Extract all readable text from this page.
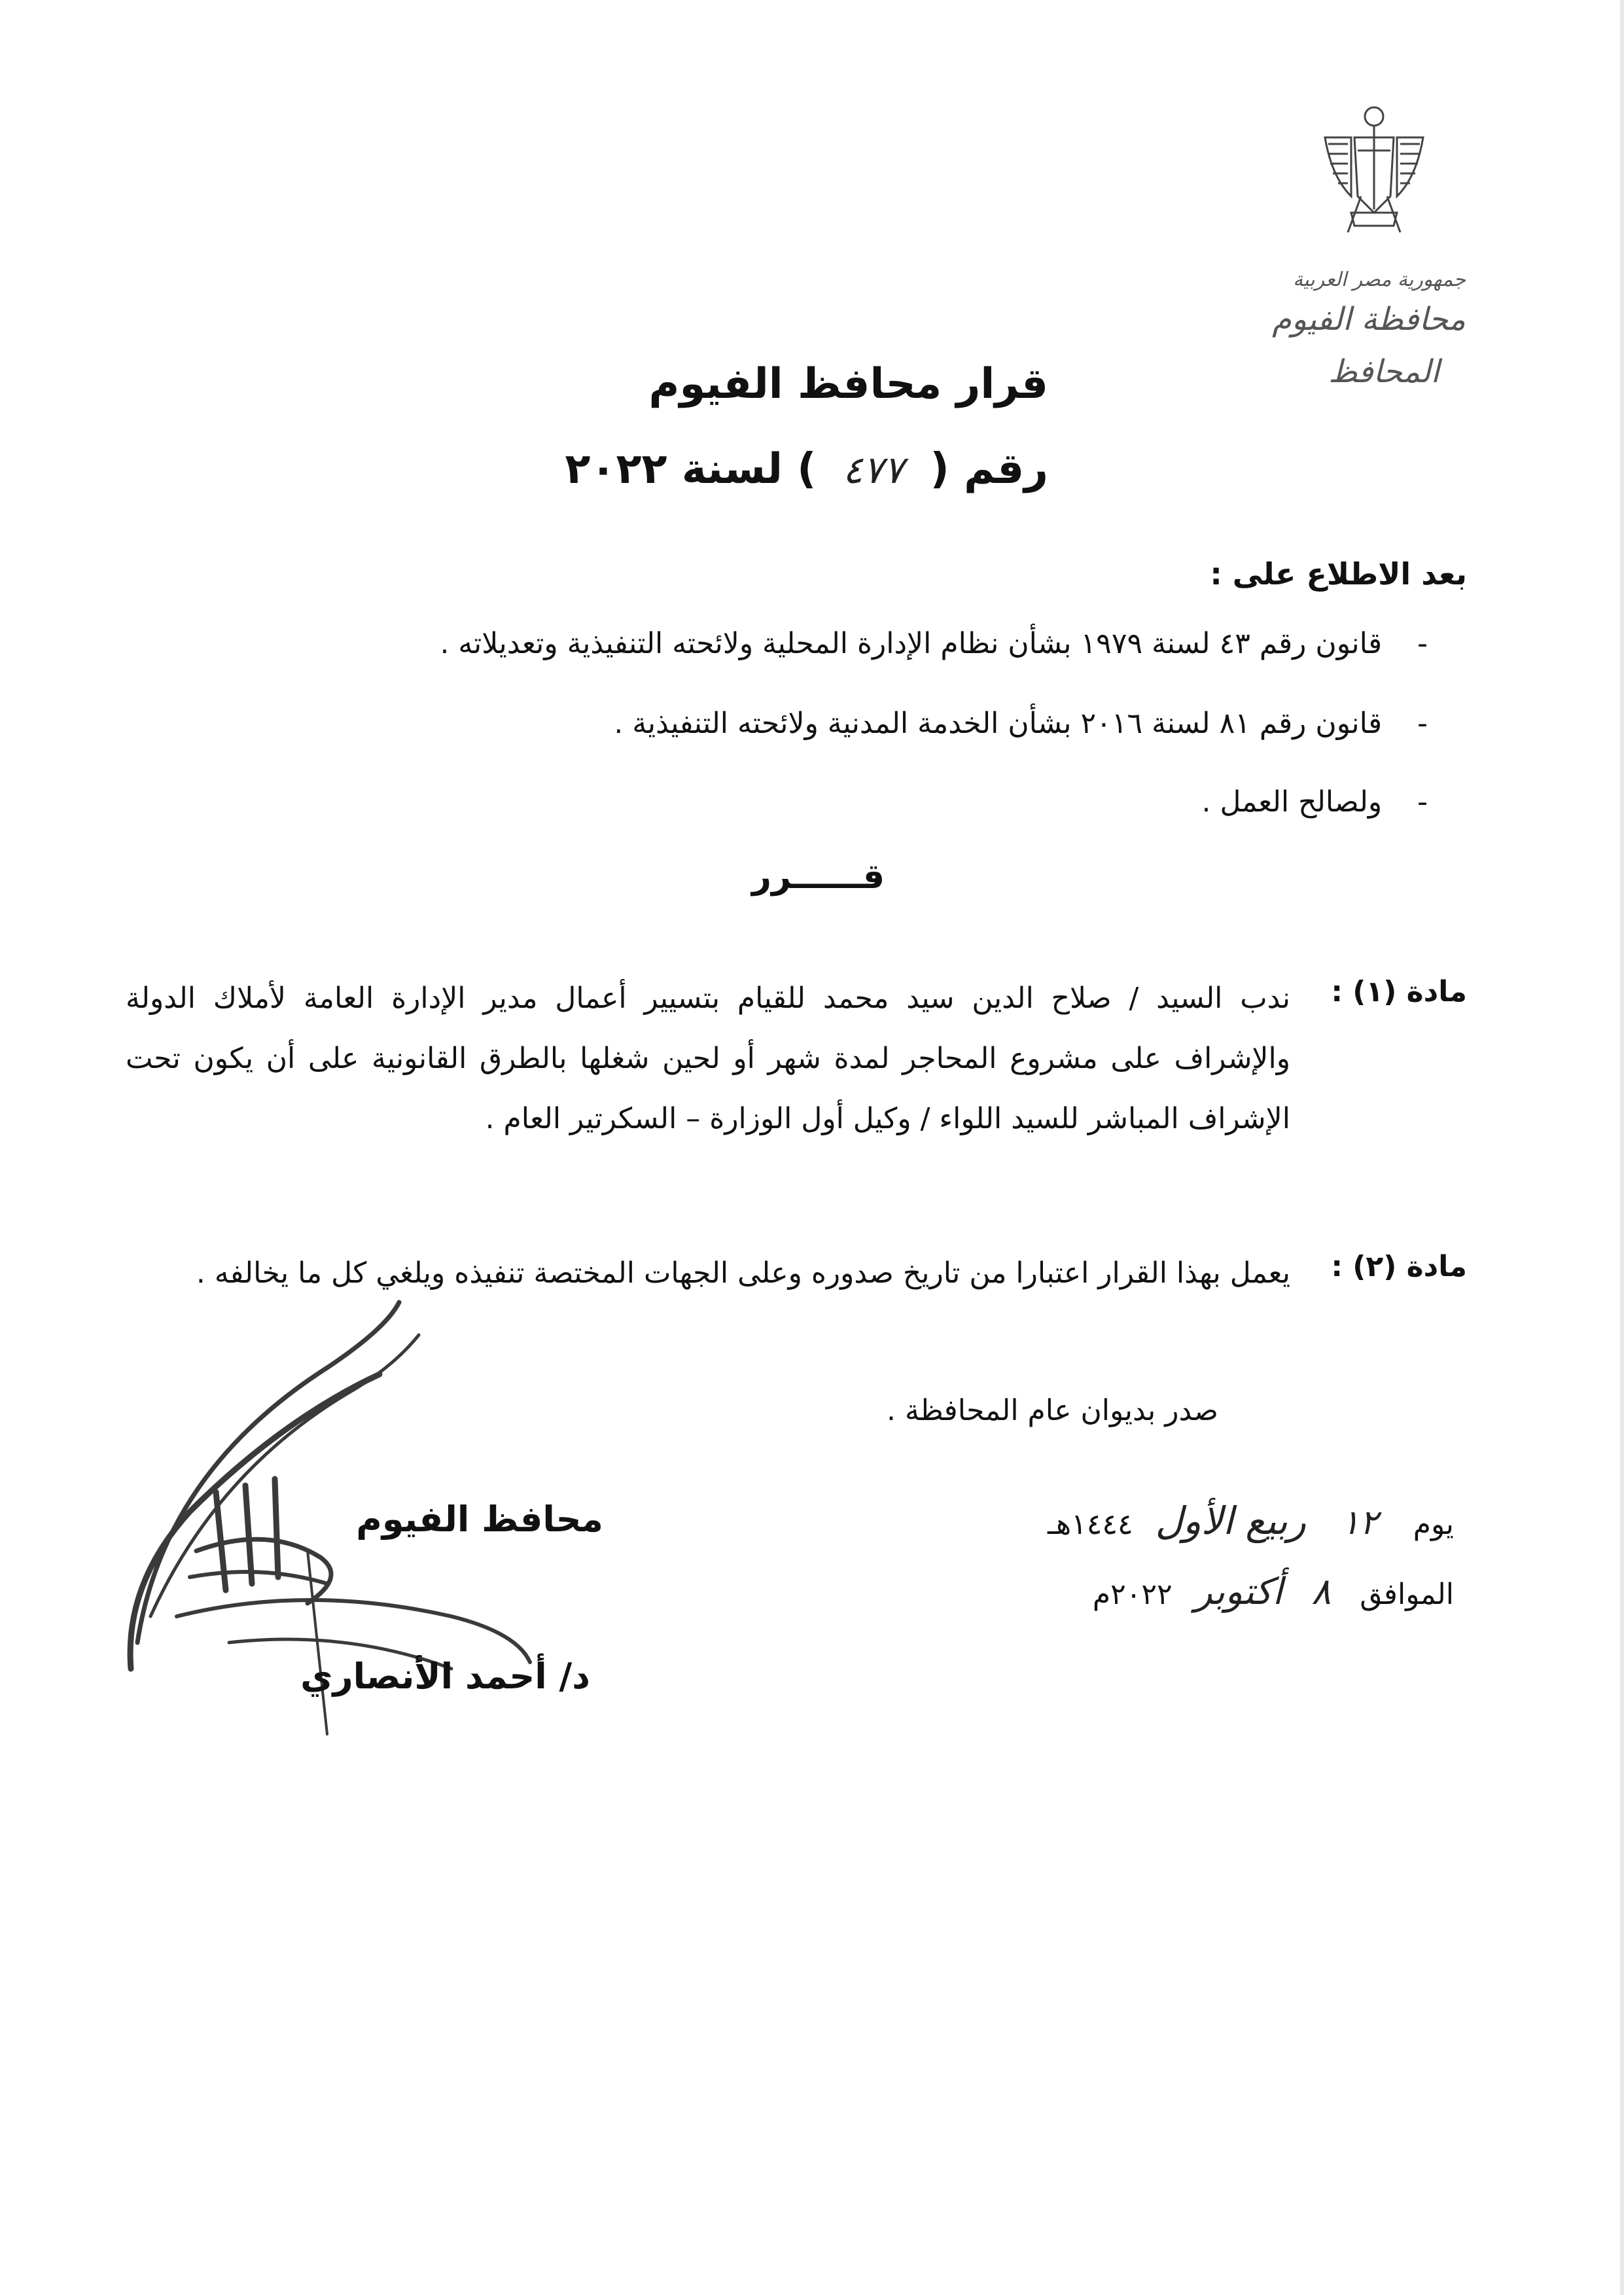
جمهورية مصر العربية
محافظة الفيوم
المحافظ
قرار محافظ الفيوم
رقم ( ٤٧٧ ) لسنة ٢٠٢٢
بعد الاطلاع على :
- قانون رقم ٤٣ لسنة ١٩٧٩ بشأن نظام الإدارة المحلية ولائحته التنفيذية وتعديلاته .
- قانون رقم ٨١ لسنة ٢٠١٦ بشأن الخدمة المدنية ولائحته التنفيذية .
- ولصالح العمل .
قــــــرر
مادة (١) :
ندب السيد / صلاح الدين سيد محمد للقيام بتسيير أعمال مدير الإدارة العامة لأملاك الدولة والإشراف على مشروع المحاجر لمدة شهر أو لحين شغلها بالطرق القانونية على أن يكون تحت الإشراف المباشر للسيد اللواء / وكيل أول الوزارة – السكرتير العام .
مادة (٢) :
يعمل بهذا القرار اعتبارا من تاريخ صدوره وعلى الجهات المختصة تنفيذه ويلغي كل ما يخالفه .
صدر بديوان عام المحافظة .
يوم ١٢ ربيع الأول ١٤٤٤هـ
الموافق ٨ أكتوبر ٢٠٢٢م
محافظ الفيوم
د/ أحمد الأنصاري
